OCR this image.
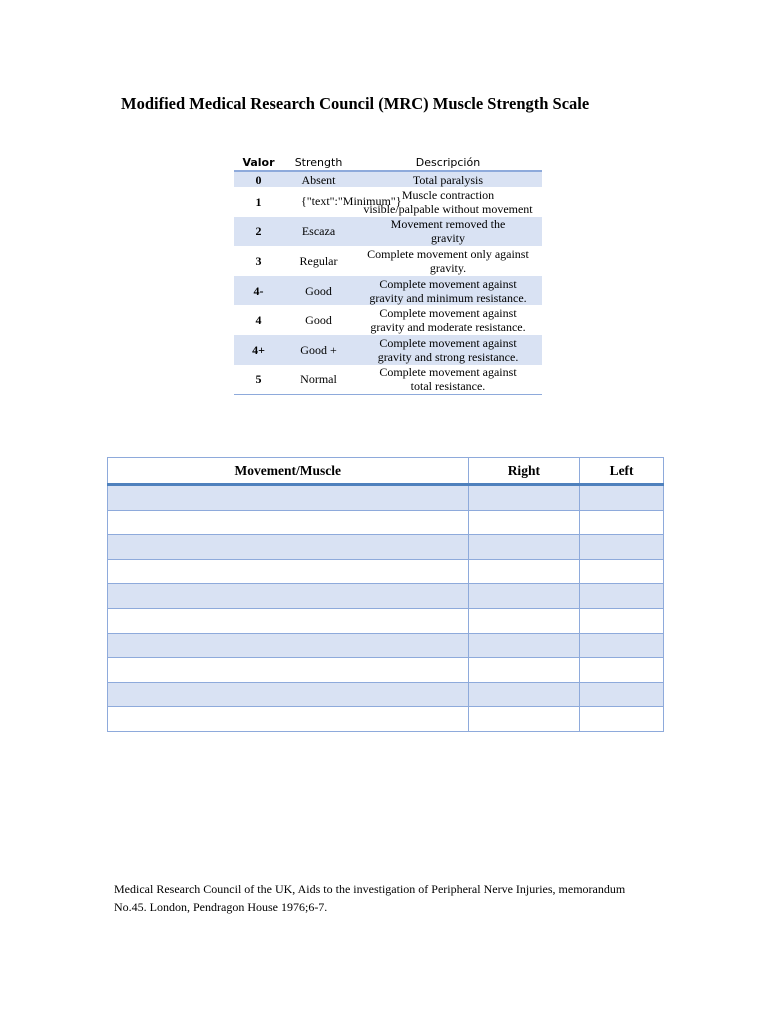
Modified Medical Research Council (MRC) Muscle Strength Scale
Valor	Strength	Descripción
0	Absent	Total paralysis
1	{"text":"Minimum"}	Muscle contraction
visible/palpable without movement
2	Escaza	Movement removed the
gravity
3	Regular	Complete movement only against
gravity.
4-	Good	Complete movement against
gravity and minimum resistance.
4	Good	Complete movement against
gravity and moderate resistance.
4+	Good +	Complete movement against
gravity and strong resistance.
5	Normal	Complete movement against
total resistance.
Movement/Muscle	Right	Left

Medical Research Council of the UK, Aids to the investigation of Peripheral Nerve Injuries, memorandum No.45. London, Pendragon House 1976;6-7.
